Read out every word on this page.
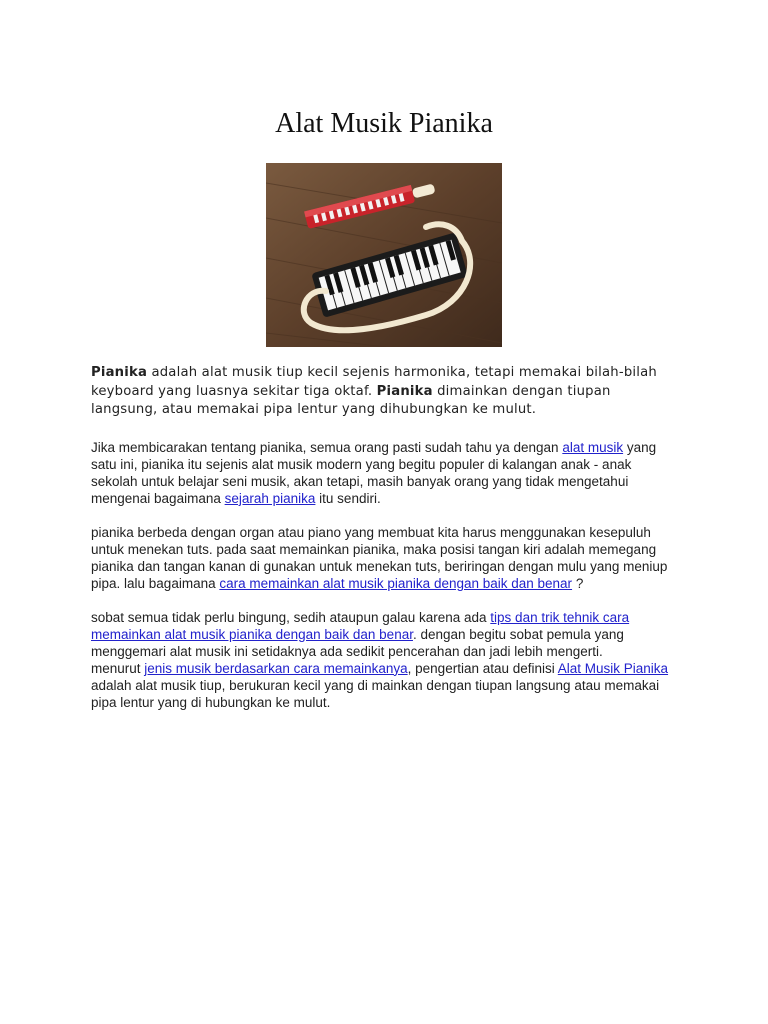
Alat Musik Pianika

Pianika adalah alat musik tiup kecil sejenis harmonika, tetapi memakai bilah-bilah keyboard yang luasnya sekitar tiga oktaf. Pianika dimainkan dengan tiupan langsung, atau memakai pipa lentur yang dihubungkan ke mulut.

Jika membicarakan tentang pianika, semua orang pasti sudah tahu ya dengan alat musik yang satu ini, pianika itu sejenis alat musik modern yang begitu populer di kalangan anak - anak sekolah untuk belajar seni musik, akan tetapi, masih banyak orang yang tidak mengetahui mengenai bagaimana sejarah pianika itu sendiri.

pianika berbeda dengan organ atau piano yang membuat kita harus menggunakan kesepuluh untuk menekan tuts. pada saat memainkan pianika, maka posisi tangan kiri adalah memegang pianika dan tangan kanan di gunakan untuk menekan tuts, beriringan dengan mulu yang meniup pipa. lalu bagaimana cara memainkan alat musik pianika dengan baik dan benar ?

sobat semua tidak perlu bingung, sedih ataupun galau karena ada tips dan trik tehnik cara memainkan alat musik pianika dengan baik dan benar. dengan begitu sobat pemula yang menggemari alat musik ini setidaknya ada sedikit pencerahan dan jadi lebih mengerti.
menurut jenis musik berdasarkan cara memainkanya, pengertian atau definisi Alat Musik Pianika adalah alat musik tiup, berukuran kecil yang di mainkan dengan tiupan langsung atau memakai pipa lentur yang di hubungkan ke mulut.
